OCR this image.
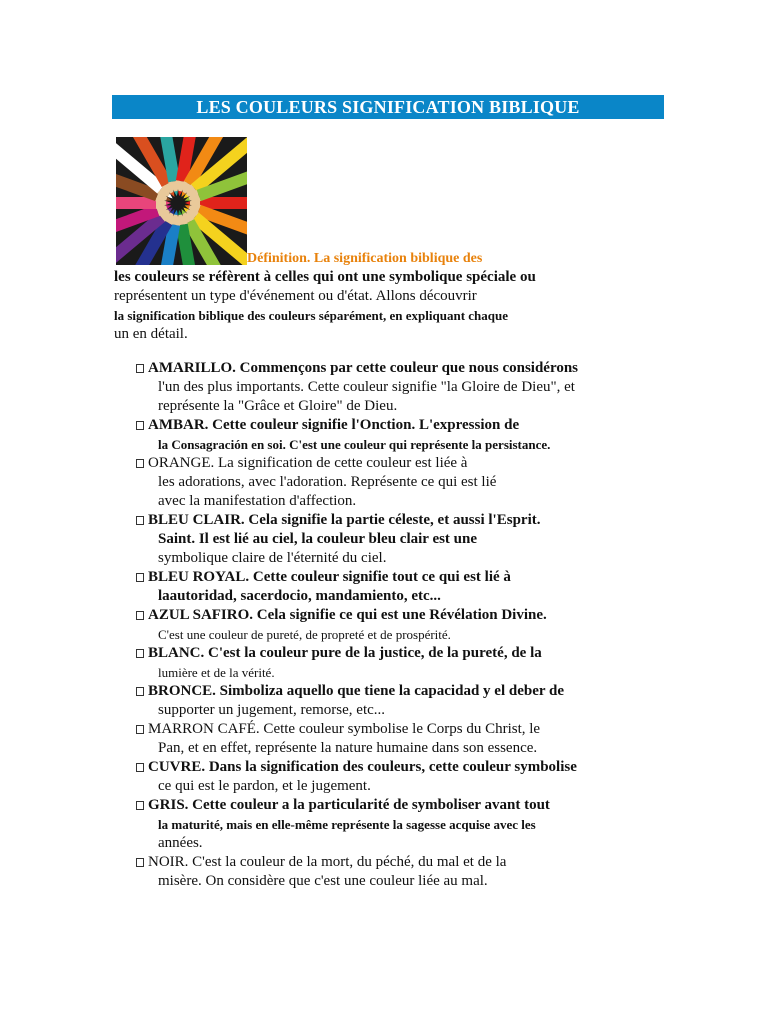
LES COULEURS SIGNIFICATION BIBLIQUE
Définition. La signification biblique des
les couleurs se réfèrent à celles qui ont une symbolique spéciale ou
représentent un type d'événement ou d'état. Allons découvrir
la signification biblique des couleurs séparément, en expliquant chaque
un en détail.
AMARILLO. Commençons par cette couleur que nous considérons
l'un des plus importants. Cette couleur signifie "la Gloire de Dieu", et
représente la "Grâce et Gloire" de Dieu.
AMBAR. Cette couleur signifie l'Onction. L'expression de
la Consagración en soi. C'est une couleur qui représente la persistance.
ORANGE. La signification de cette couleur est liée à
les adorations, avec l'adoration. Représente ce qui est lié
avec la manifestation d'affection.
BLEU CLAIR. Cela signifie la partie céleste, et aussi l'Esprit.
Saint. Il est lié au ciel, la couleur bleu clair est une
symbolique claire de l'éternité du ciel.
BLEU ROYAL. Cette couleur signifie tout ce qui est lié à
laautoridad, sacerdocio, mandamiento, etc...
AZUL SAFIRO. Cela signifie ce qui est une Révélation Divine.
C'est une couleur de pureté, de propreté et de prospérité.
BLANC. C'est la couleur pure de la justice, de la pureté, de la
lumière et de la vérité.
BRONCE. Simboliza aquello que tiene la capacidad y el deber de
supporter un jugement, remorse, etc...
MARRON CAFÉ. Cette couleur symbolise le Corps du Christ, le
Pan, et en effet, représente la nature humaine dans son essence.
CUVRE. Dans la signification des couleurs, cette couleur symbolise
ce qui est le pardon, et le jugement.
GRIS. Cette couleur a la particularité de symboliser avant tout
la maturité, mais en elle-même représente la sagesse acquise avec les
années.
NOIR. C'est la couleur de la mort, du péché, du mal et de la
misère. On considère que c'est une couleur liée au mal.
